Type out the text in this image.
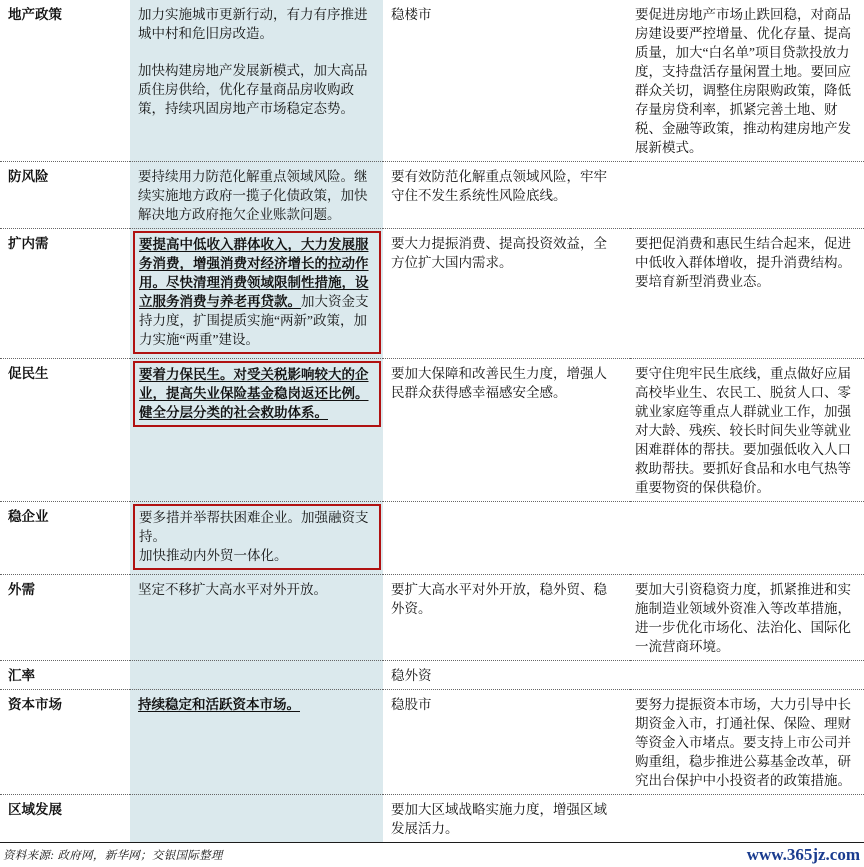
地产政策	加力实施城市更新行动，有力有序推进城中村和危旧房改造。

加快构建房地产发展新模式，加大高品质住房供给，优化存量商品房收购政策，持续巩固房地产市场稳定态势。	稳楼市	要促进房地产市场止跌回稳，对商品房建设要严控增量、优化存量、提高质量，加大“白名单”项目贷款投放力度，支持盘活存量闲置土地。要回应群众关切，调整住房限购政策，降低存量房贷利率，抓紧完善土地、财税、金融等政策，推动构建房地产发展新模式。
防风险	要持续用力防范化解重点领域风险。继续实施地方政府一揽子化债政策，加快解决地方政府拖欠企业账款问题。	要有效防范化解重点领域风险，牢牢守住不发生系统性风险底线。	
扩内需	要提高中低收入群体收入，大力发展服务消费，增强消费对经济增长的拉动作用。尽快清理消费领域限制性措施，设立服务消费与养老再贷款。加大资金支持力度，扩围提质实施“两新”政策，加力实施“两重”建设。	要大力提振消费、提高投资效益，全方位扩大国内需求。	要把促消费和惠民生结合起来，促进中低收入群体增收，提升消费结构。要培育新型消费业态。
促民生	要着力保民生。对受关税影响较大的企业，提高失业保险基金稳岗返还比例。健全分层分类的社会救助体系。	要加大保障和改善民生力度，增强人民群众获得感幸福感安全感。	要守住兜牢民生底线，重点做好应届高校毕业生、农民工、脱贫人口、零就业家庭等重点人群就业工作，加强对大龄、残疾、较长时间失业等就业困难群体的帮扶。要加强低收入人口救助帮扶。要抓好食品和水电气热等重要物资的保供稳价。
稳企业	要多措并举帮扶困难企业。加强融资支持。

加快推动内外贸一体化。		

外需	坚定不移扩大高水平对外开放。	要扩大高水平对外开放，稳外贸、稳外资。	要加大引资稳资力度，抓紧推进和实施制造业领域外资准入等改革措施，进一步优化市场化、法治化、国际化一流营商环境。
汇率		稳外资	
资本市场	持续稳定和活跃资本市场。	稳股市	要努力提振资本市场，大力引导中长期资金入市，打通社保、保险、理财等资金入市堵点。要支持上市公司并购重组，稳步推进公募基金改革，研究出台保护中小投资者的政策措施。
区域发展		要加大区域战略实施力度，增强区域发展活力。	
资料来源: 政府网，新华网；交银国际整理	www.365jz.com
